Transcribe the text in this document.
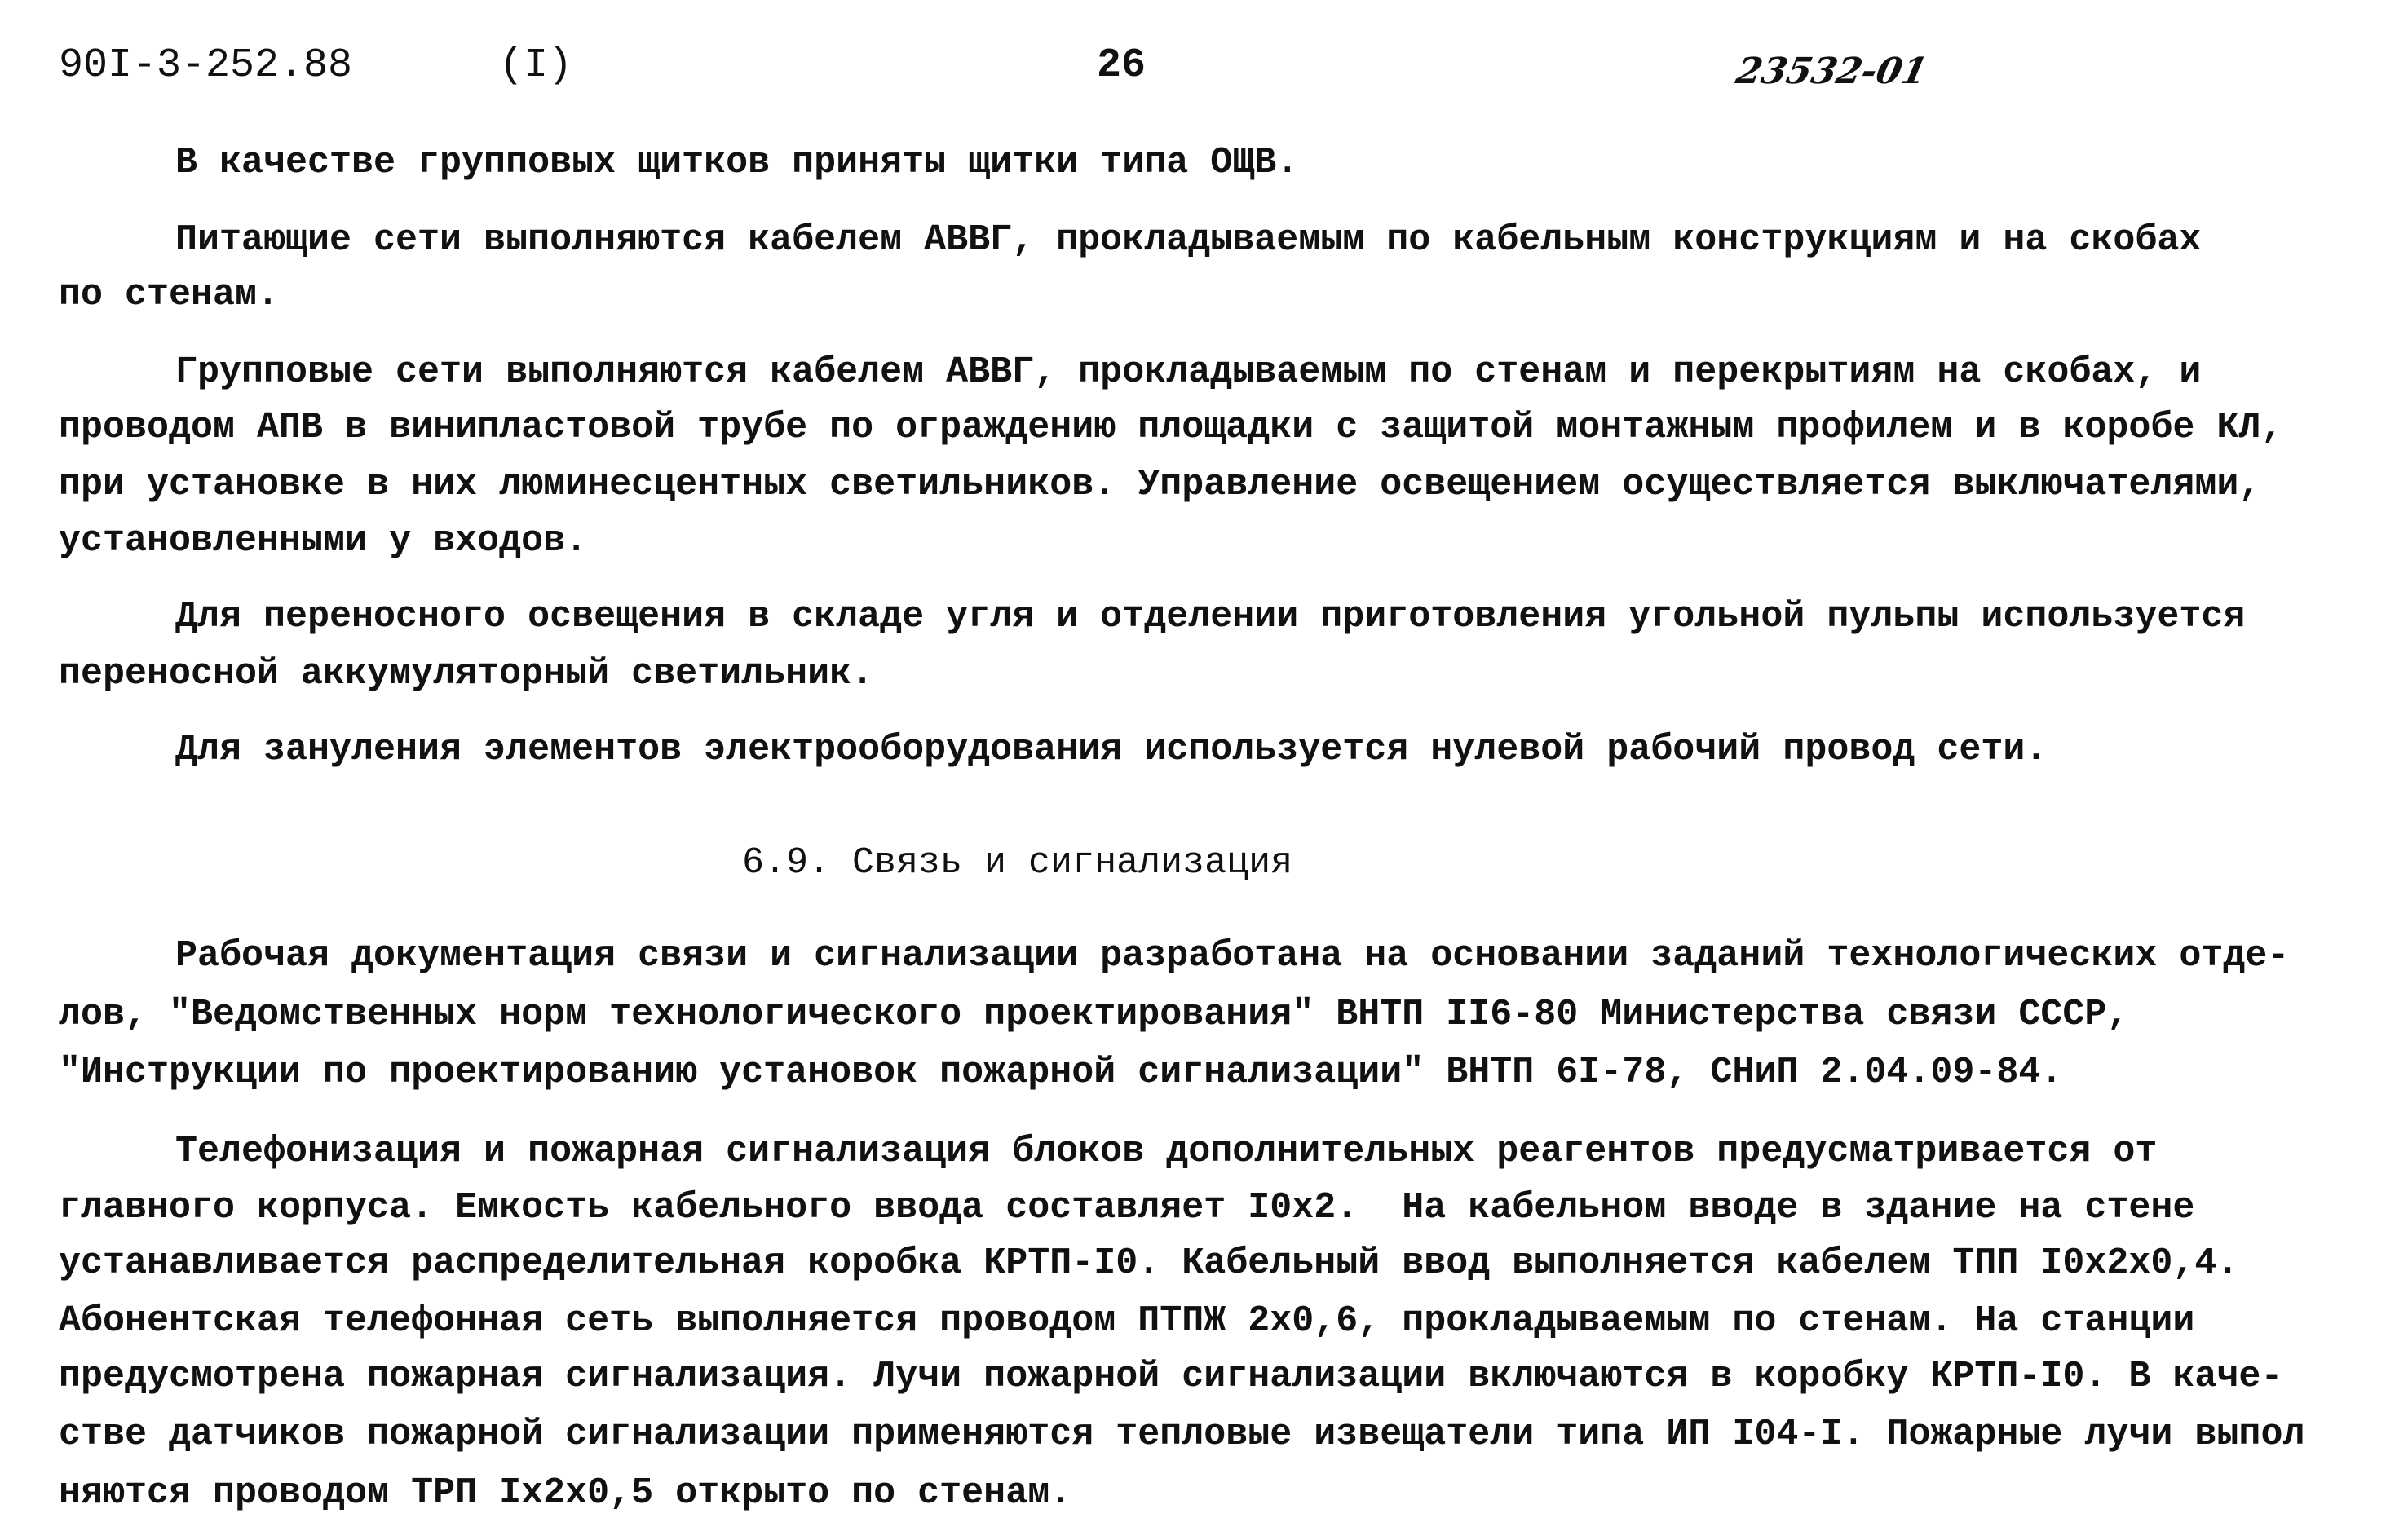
90I-3-252.88	(I)	26	23532-01
В качестве групповых щитков приняты щитки типа ОЩВ.
Питающие сети выполняются кабелем АВВГ, прокладываемым по кабельным конструкциям и на скобах
по стенам.
Групповые сети выполняются кабелем АВВГ, прокладываемым по стенам и перекрытиям на скобах, и
проводом АПВ в винипластовой трубе по ограждению площадки с защитой монтажным профилем и в коробе КЛ,
при установке в них люминесцентных светильников. Управление освещением осуществляется выключателями,
установленными у входов.
Для переносного освещения в складе угля и отделении приготовления угольной пульпы используется
переносной аккумуляторный светильник.
Для зануления элементов электрооборудования используется нулевой рабочий провод сети.
6.9. Связь и сигнализация
Рабочая документация связи и сигнализации разработана на основании заданий технологических отде-
лов, "Ведомственных норм технологического проектирования" ВНТП II6-80 Министерства связи СССР,
"Инструкции по проектированию установок пожарной сигнализации" ВНТП 6I-78, СНиП 2.04.09-84.
Телефонизация и пожарная сигнализация блоков дополнительных реагентов предусматривается от
главного корпуса. Емкость кабельного ввода составляет I0x2.  На кабельном вводе в здание на стене
устанавливается распределительная коробка КРТП-I0. Кабельный ввод выполняется кабелем ТПП I0x2x0,4.
Абонентская телефонная сеть выполняется проводом ПТПЖ 2x0,6, прокладываемым по стенам. На станции
предусмотрена пожарная сигнализация. Лучи пожарной сигнализации включаются в коробку КРТП-I0. В каче-
стве датчиков пожарной сигнализации применяются тепловые извещатели типа ИП I04-I. Пожарные лучи выпол
няются проводом ТРП Ix2x0,5 открыто по стенам.
